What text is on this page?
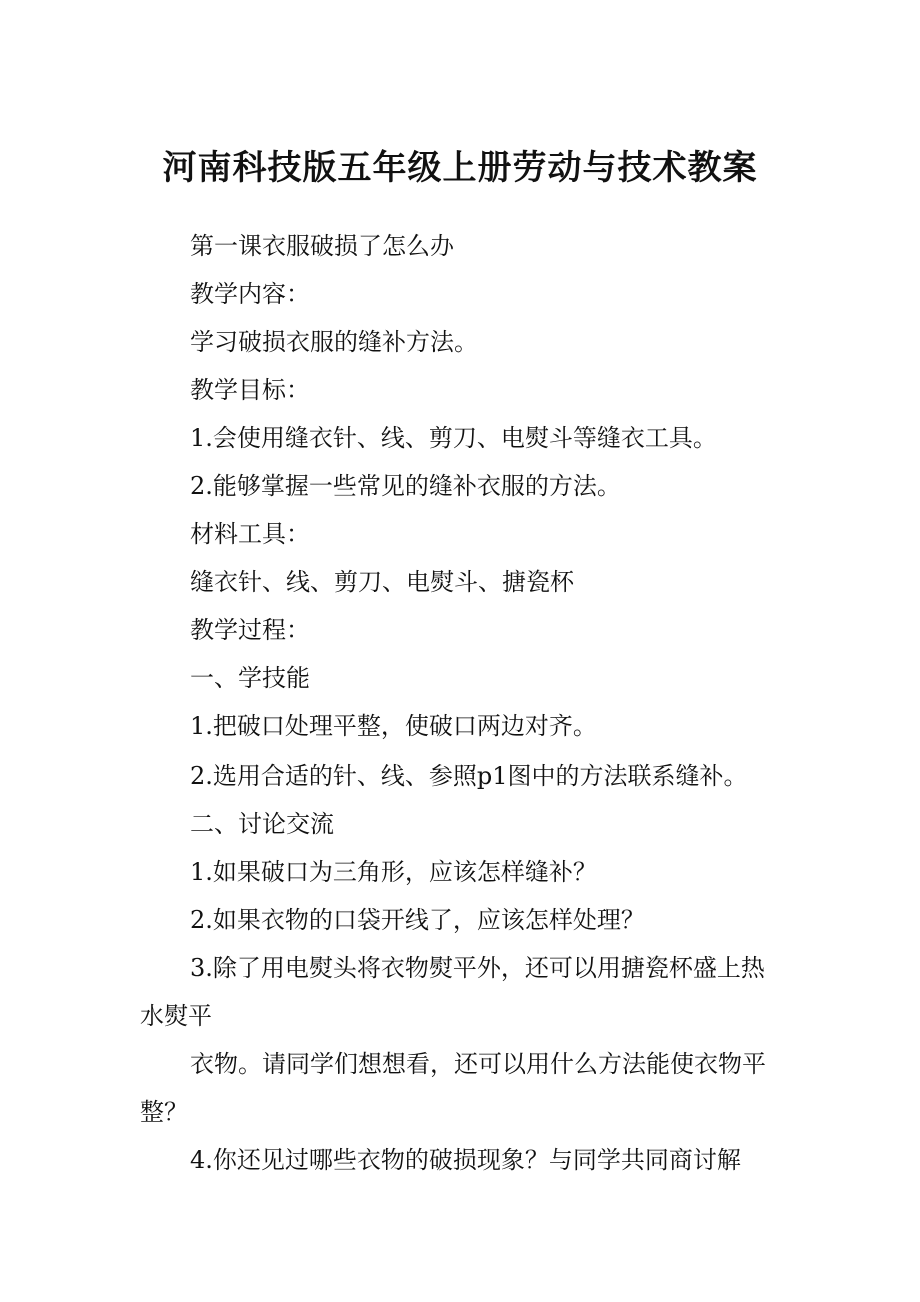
河南科技版五年级上册劳动与技术教案
第一课衣服破损了怎么办
教学内容：
学习破损衣服的缝补方法。
教学目标：
1.会使用缝衣针、线、剪刀、电熨斗等缝衣工具。
2.能够掌握一些常见的缝补衣服的方法。
材料工具：
缝衣针、线、剪刀、电熨斗、搪瓷杯
教学过程：
一、学技能
1.把破口处理平整，使破口两边对齐。
2.选用合适的针、线、参照p1图中的方法联系缝补。
二、讨论交流
1.如果破口为三角形，应该怎样缝补？
2.如果衣物的口袋开线了，应该怎样处理？
3.除了用电熨头将衣物熨平外，还可以用搪瓷杯盛上热
水熨平
衣物。请同学们想想看，还可以用什么方法能使衣物平
整？
4.你还见过哪些衣物的破损现象？与同学共同商讨解
